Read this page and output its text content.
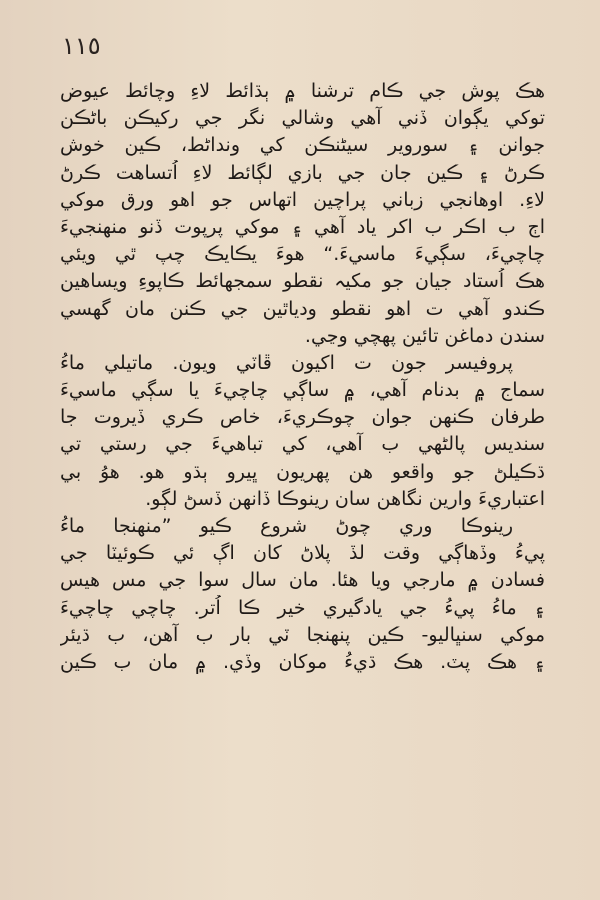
١١٥
هڪ پوش جي ڪام ترشنا ۾ ٻڌائط لاءِ وچائط عيوض
توکي يڳوان ڏني آهي وشالي نگر جي رکيڪن باڻڪن
جوانن ۽ سوروير سيڻنڪن کي ونداڻط، ڪين خوش
ڪرڻ ۽ ڪين جان جي بازي لڳائط لاءِ اُتساهت ڪرڻ
لاءِ. اوهانجي زباني پراچين اتهاس جو اهو ورق موکي
اڄ ب اڪر ب اکر ياد آهي ۽ موکي پرپوت ڏنو منهنجيءَ
چاچيءَ، سڳيءَ ماسيءَ.“ هوءَ يڪايڪ چپ ٿي ويئي
هڪ اُستاد جيان جو مکيہ نقطو سمجھائط ڪاپوءِ ويساهين
ڪندو آهي ت اهو نقطو ودياٿين جي ڪنن مان گهسي
سندن دماغن تائين پهچي وڃي.
پروفيسر جون ت اکيون ڦاٽي ويون. ماتيلي ماءُ
سماج ۾ بدنام آهي، ۾ ساڳي چاچيءَ يا سڳي ماسيءَ
طرفان ڪنهن جوان چوڪريءَ، خاص ڪري ڏيروت جا
سنديس پالڻهي ب آهي، کي تباهيءَ جي رستي تي
ڌڪيلڻ جو واقعو هن پهريون ڀيرو ٻڌو هو. هوُ بي
اعتباريءَ وارين نگاهن سان رينوڪا ڏانهن ڏسڻ لڳو.
رينوڪا وري چوڻ شروع ڪيو ”منهنجا ماءُ
پيءُ وڏهاڳي وقت لڏ پلاڻ کان اڳ ئي ڪوئيٽا جي
فسادن ۾ مارجي ويا هئا. مان سال سوا جي مس هيس
۽ ماءُ پيءُ جي يادگيري خير ڪا اُتر. چاچي چاچيءَ
موکي سنڀاليو- ڪين پنهنجا ٽي بار ب آهن، ب ڌيئر
۽ هڪ پٽ. هڪ ڌيءُ موکان وڏي. ۾ مان ب ڪين
